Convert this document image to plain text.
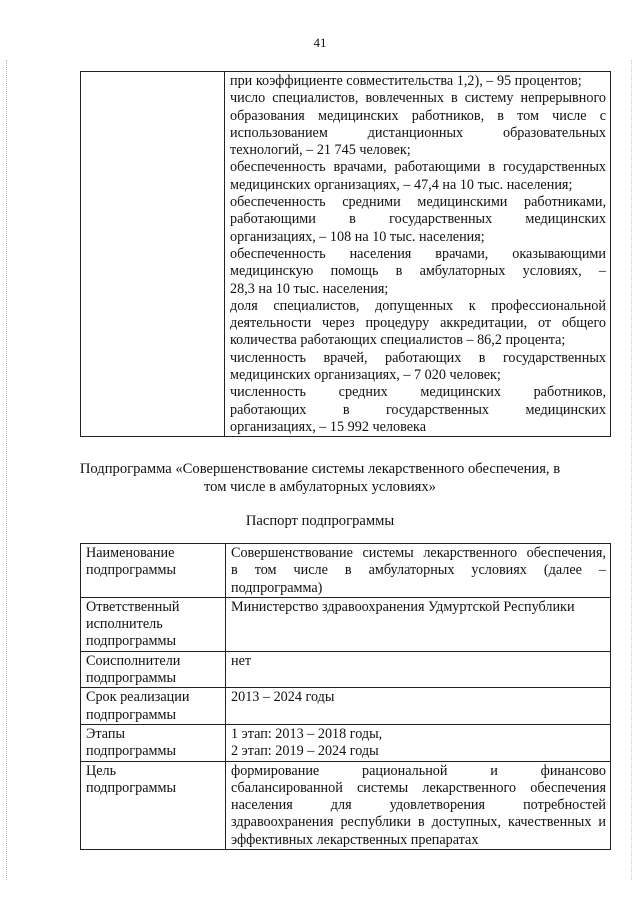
41

при коэффициенте совместительства 1,2), – 95 процентов;
число специалистов, вовлеченных в систему непрерывного
образования медицинских работников, в том числе с
использованием дистанционных образовательных
технологий, – 21 745 человек;
обеспеченность врачами, работающими в государственных
медицинских организациях, – 47,4 на 10 тыс. населения;
обеспеченность средними медицинскими работниками,
работающими в государственных медицинских
организациях, – 108 на 10 тыс. населения;
обеспеченность населения врачами, оказывающими
медицинскую помощь в амбулаторных условиях, –
28,3 на 10 тыс. населения;
доля специалистов, допущенных к профессиональной
деятельности через процедуру аккредитации, от общего
количества работающих специалистов – 86,2 процента;
численность врачей, работающих в государственных
медицинских организациях, – 7 020 человек;
численность средних медицинских работников,
работающих в государственных медицинских
организациях, – 15 992 человека
Подпрограмма «Совершенствование системы лекарственного обеспечения, в
том числе в амбулаторных условиях»
Паспорт подпрограммы
Наименование
подпрограммы	Совершенствование системы лекарственного обеспечения,
в том числе в амбулаторных условиях (далее –
подпрограмма)

Ответственный
исполнитель
подпрограммы	Министерство здравоохранения Удмуртской Республики

Соисполнители
подпрограммы	нет

Срок реализации
подпрограммы	2013 – 2024 годы

Этапы
подпрограммы	1 этап: 2013 – 2018 годы,
2 этап: 2019 – 2024 годы

Цель
подпрограммы	формирование рациональной и финансово
сбалансированной системы лекарственного обеспечения
населения для удовлетворения потребностей
здравоохранения республики в доступных, качественных и
эффективных лекарственных препаратах
